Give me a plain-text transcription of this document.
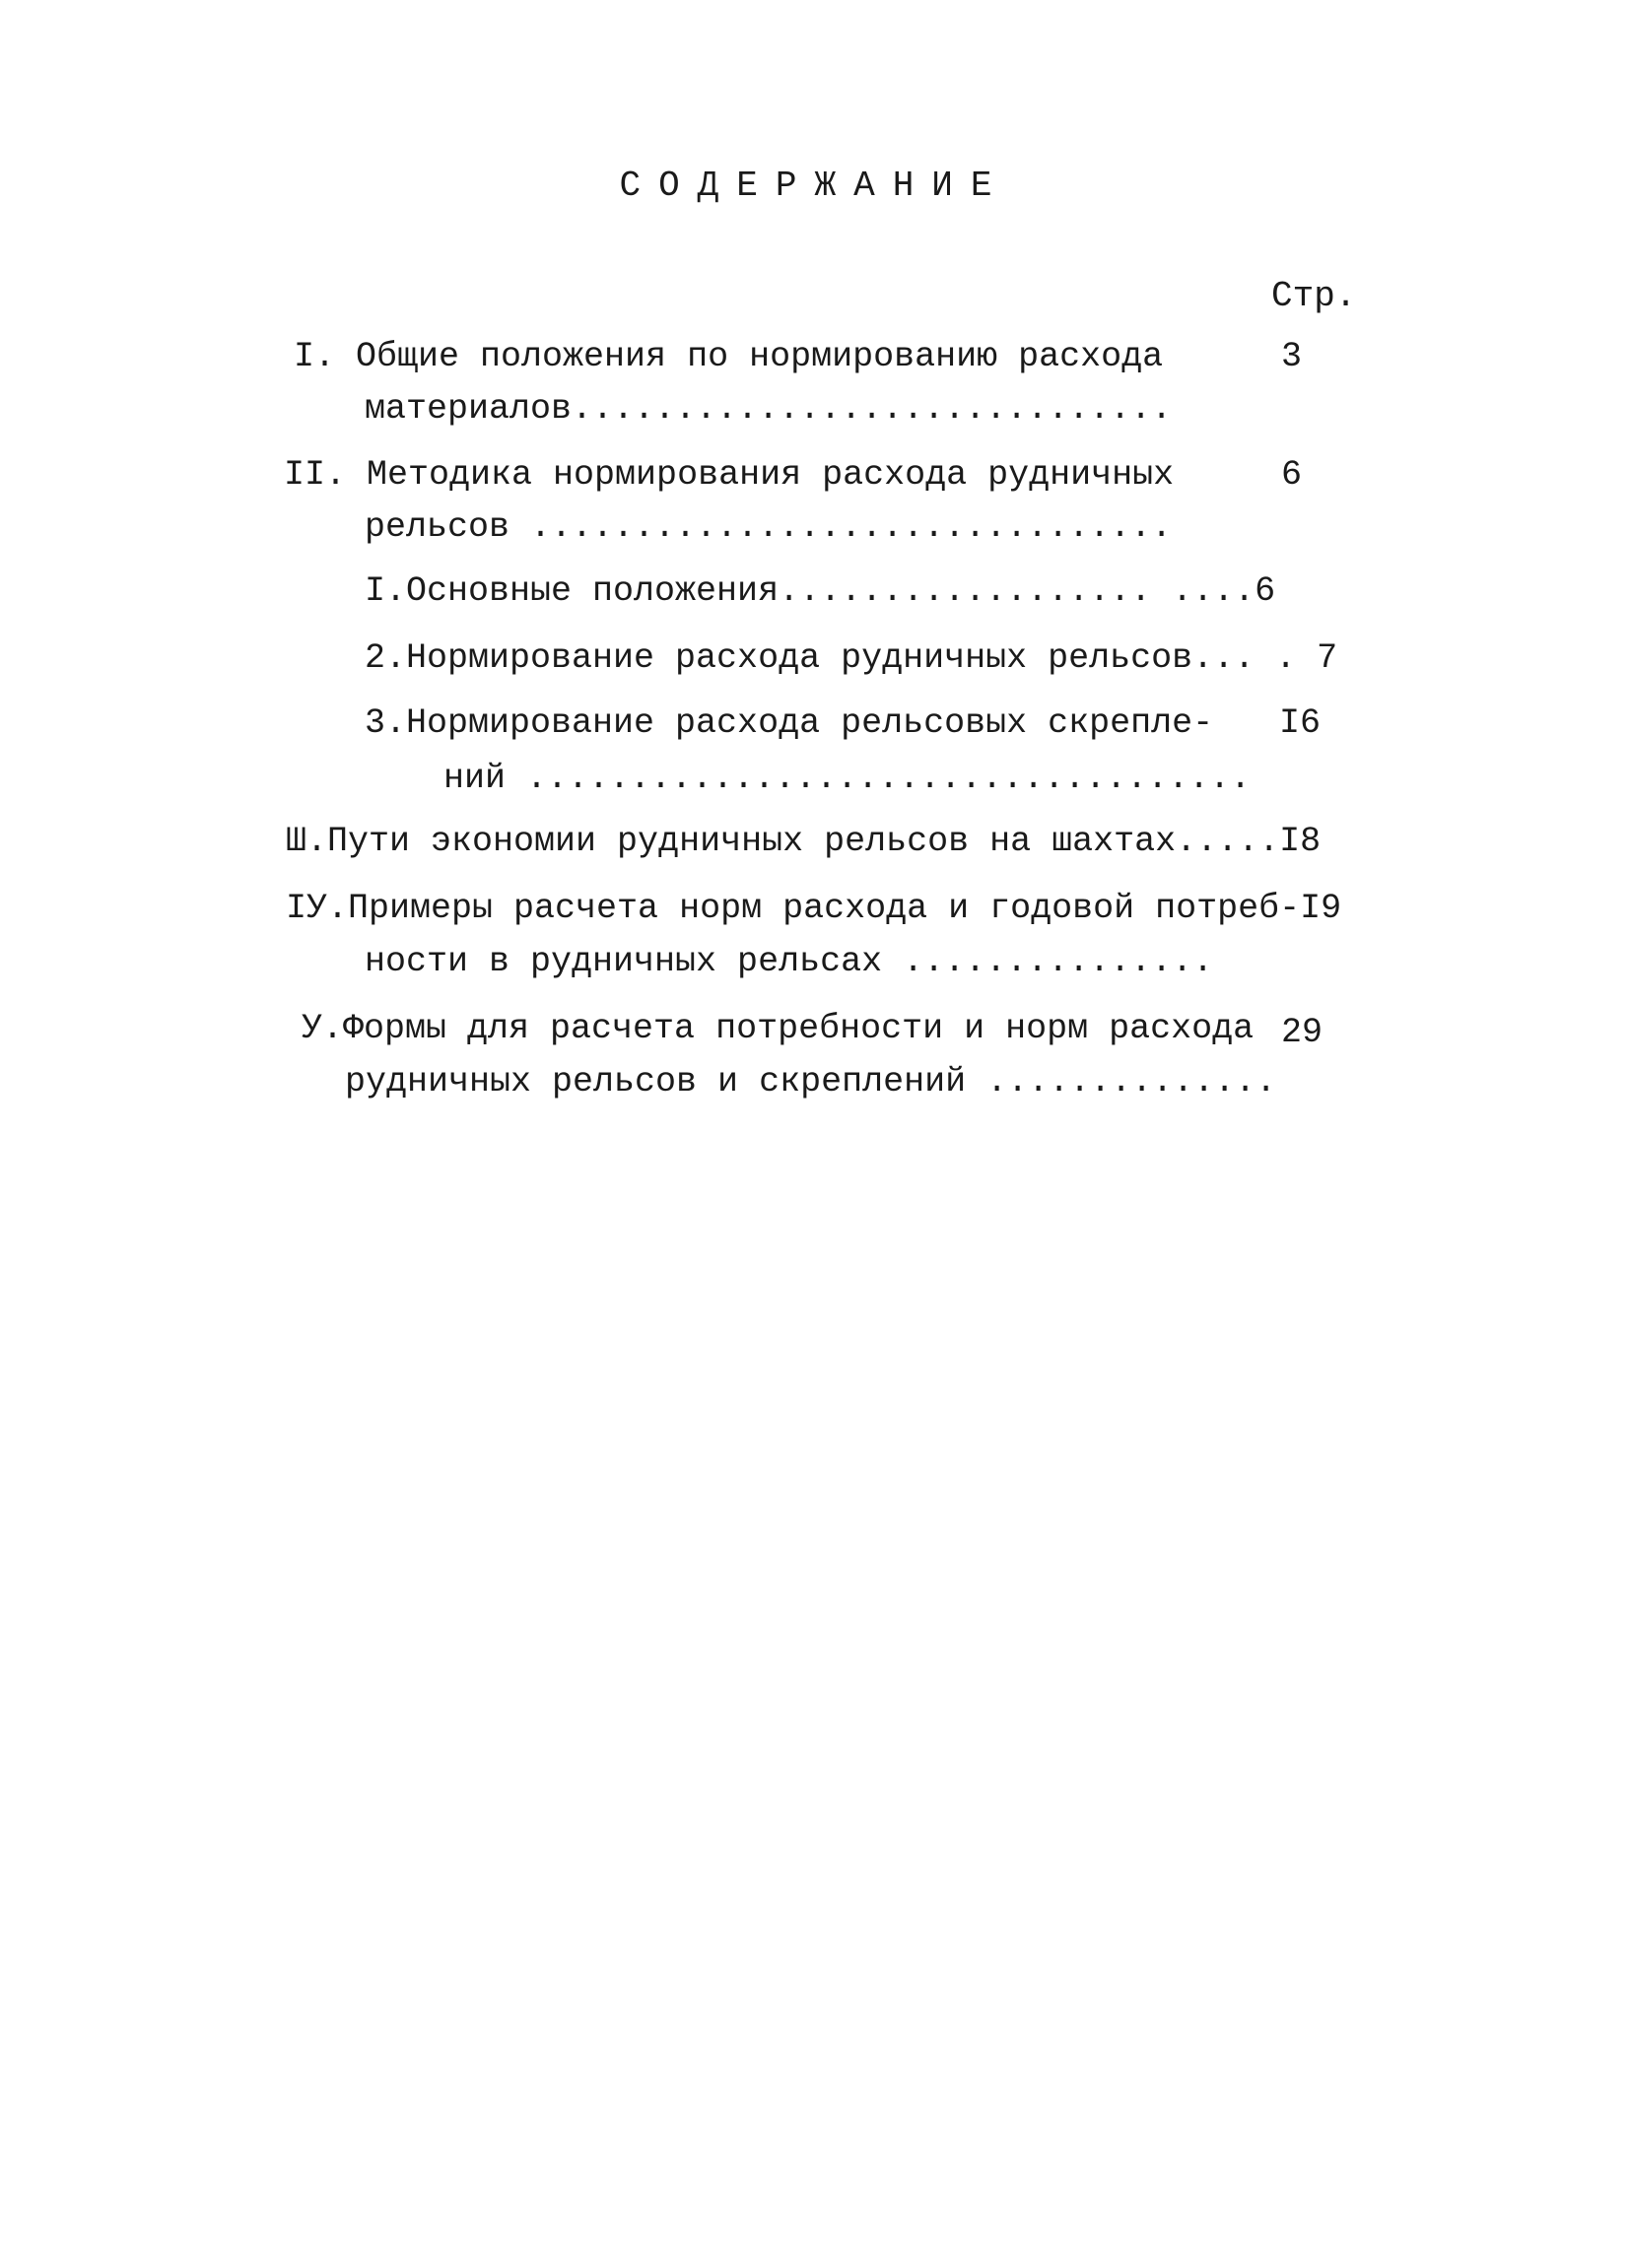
СОДЕРЖАНИЕ
Стр.
I. Общие положения по нормированию расхода
материалов.............................
3
II. Методика нормирования расхода рудничных
рельсов ...............................
6
I.Основные положения.................. ....6
2.Нормирование расхода рудничных рельсов... . 7
3.Нормирование расхода рельсовых скрепле-
ний ...................................
I6
Ш.Пути экономии рудничных рельсов на шахтах.....I8
IУ.Примеры расчета норм расхода и годовой потреб-I9
ности в рудничных рельсах ...............
У.Формы для расчета потребности и норм расхода
рудничных рельсов и скреплений ..............
29
